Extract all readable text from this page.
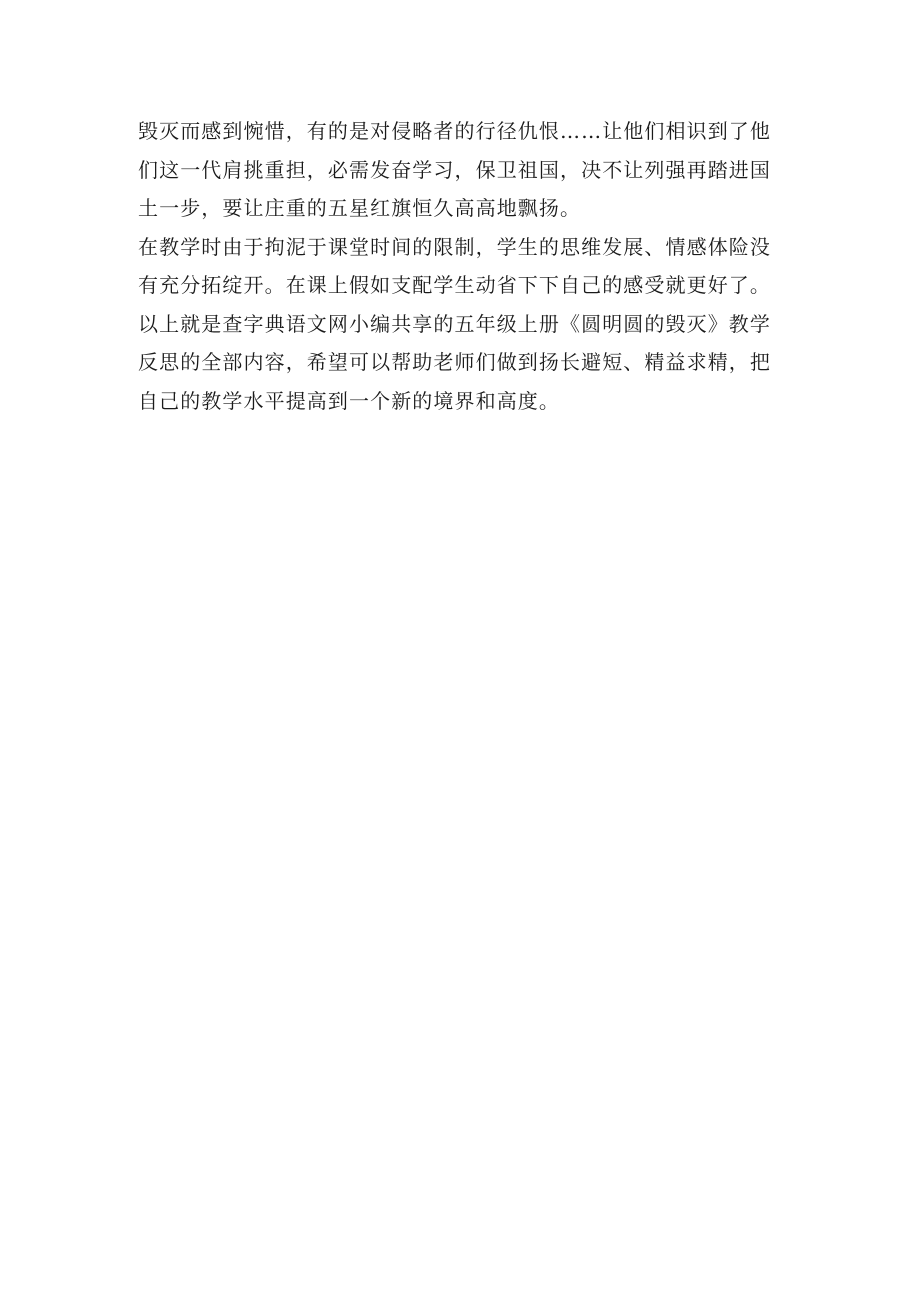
毁灭而感到惋惜，有的是对侵略者的行径仇恨……让他们相识到了他
们这一代肩挑重担，必需发奋学习，保卫祖国，决不让列强再踏进国
土一步，要让庄重的五星红旗恒久高高地飘扬。
在教学时由于拘泥于课堂时间的限制，学生的思维发展、情感体险没
有充分拓绽开。在课上假如支配学生动省下下自己的感受就更好了。
以上就是查字典语文网小编共享的五年级上册《圆明圆的毁灭》教学
反思的全部内容，希望可以帮助老师们做到扬长避短、精益求精，把
自己的教学水平提高到一个新的境界和高度。
